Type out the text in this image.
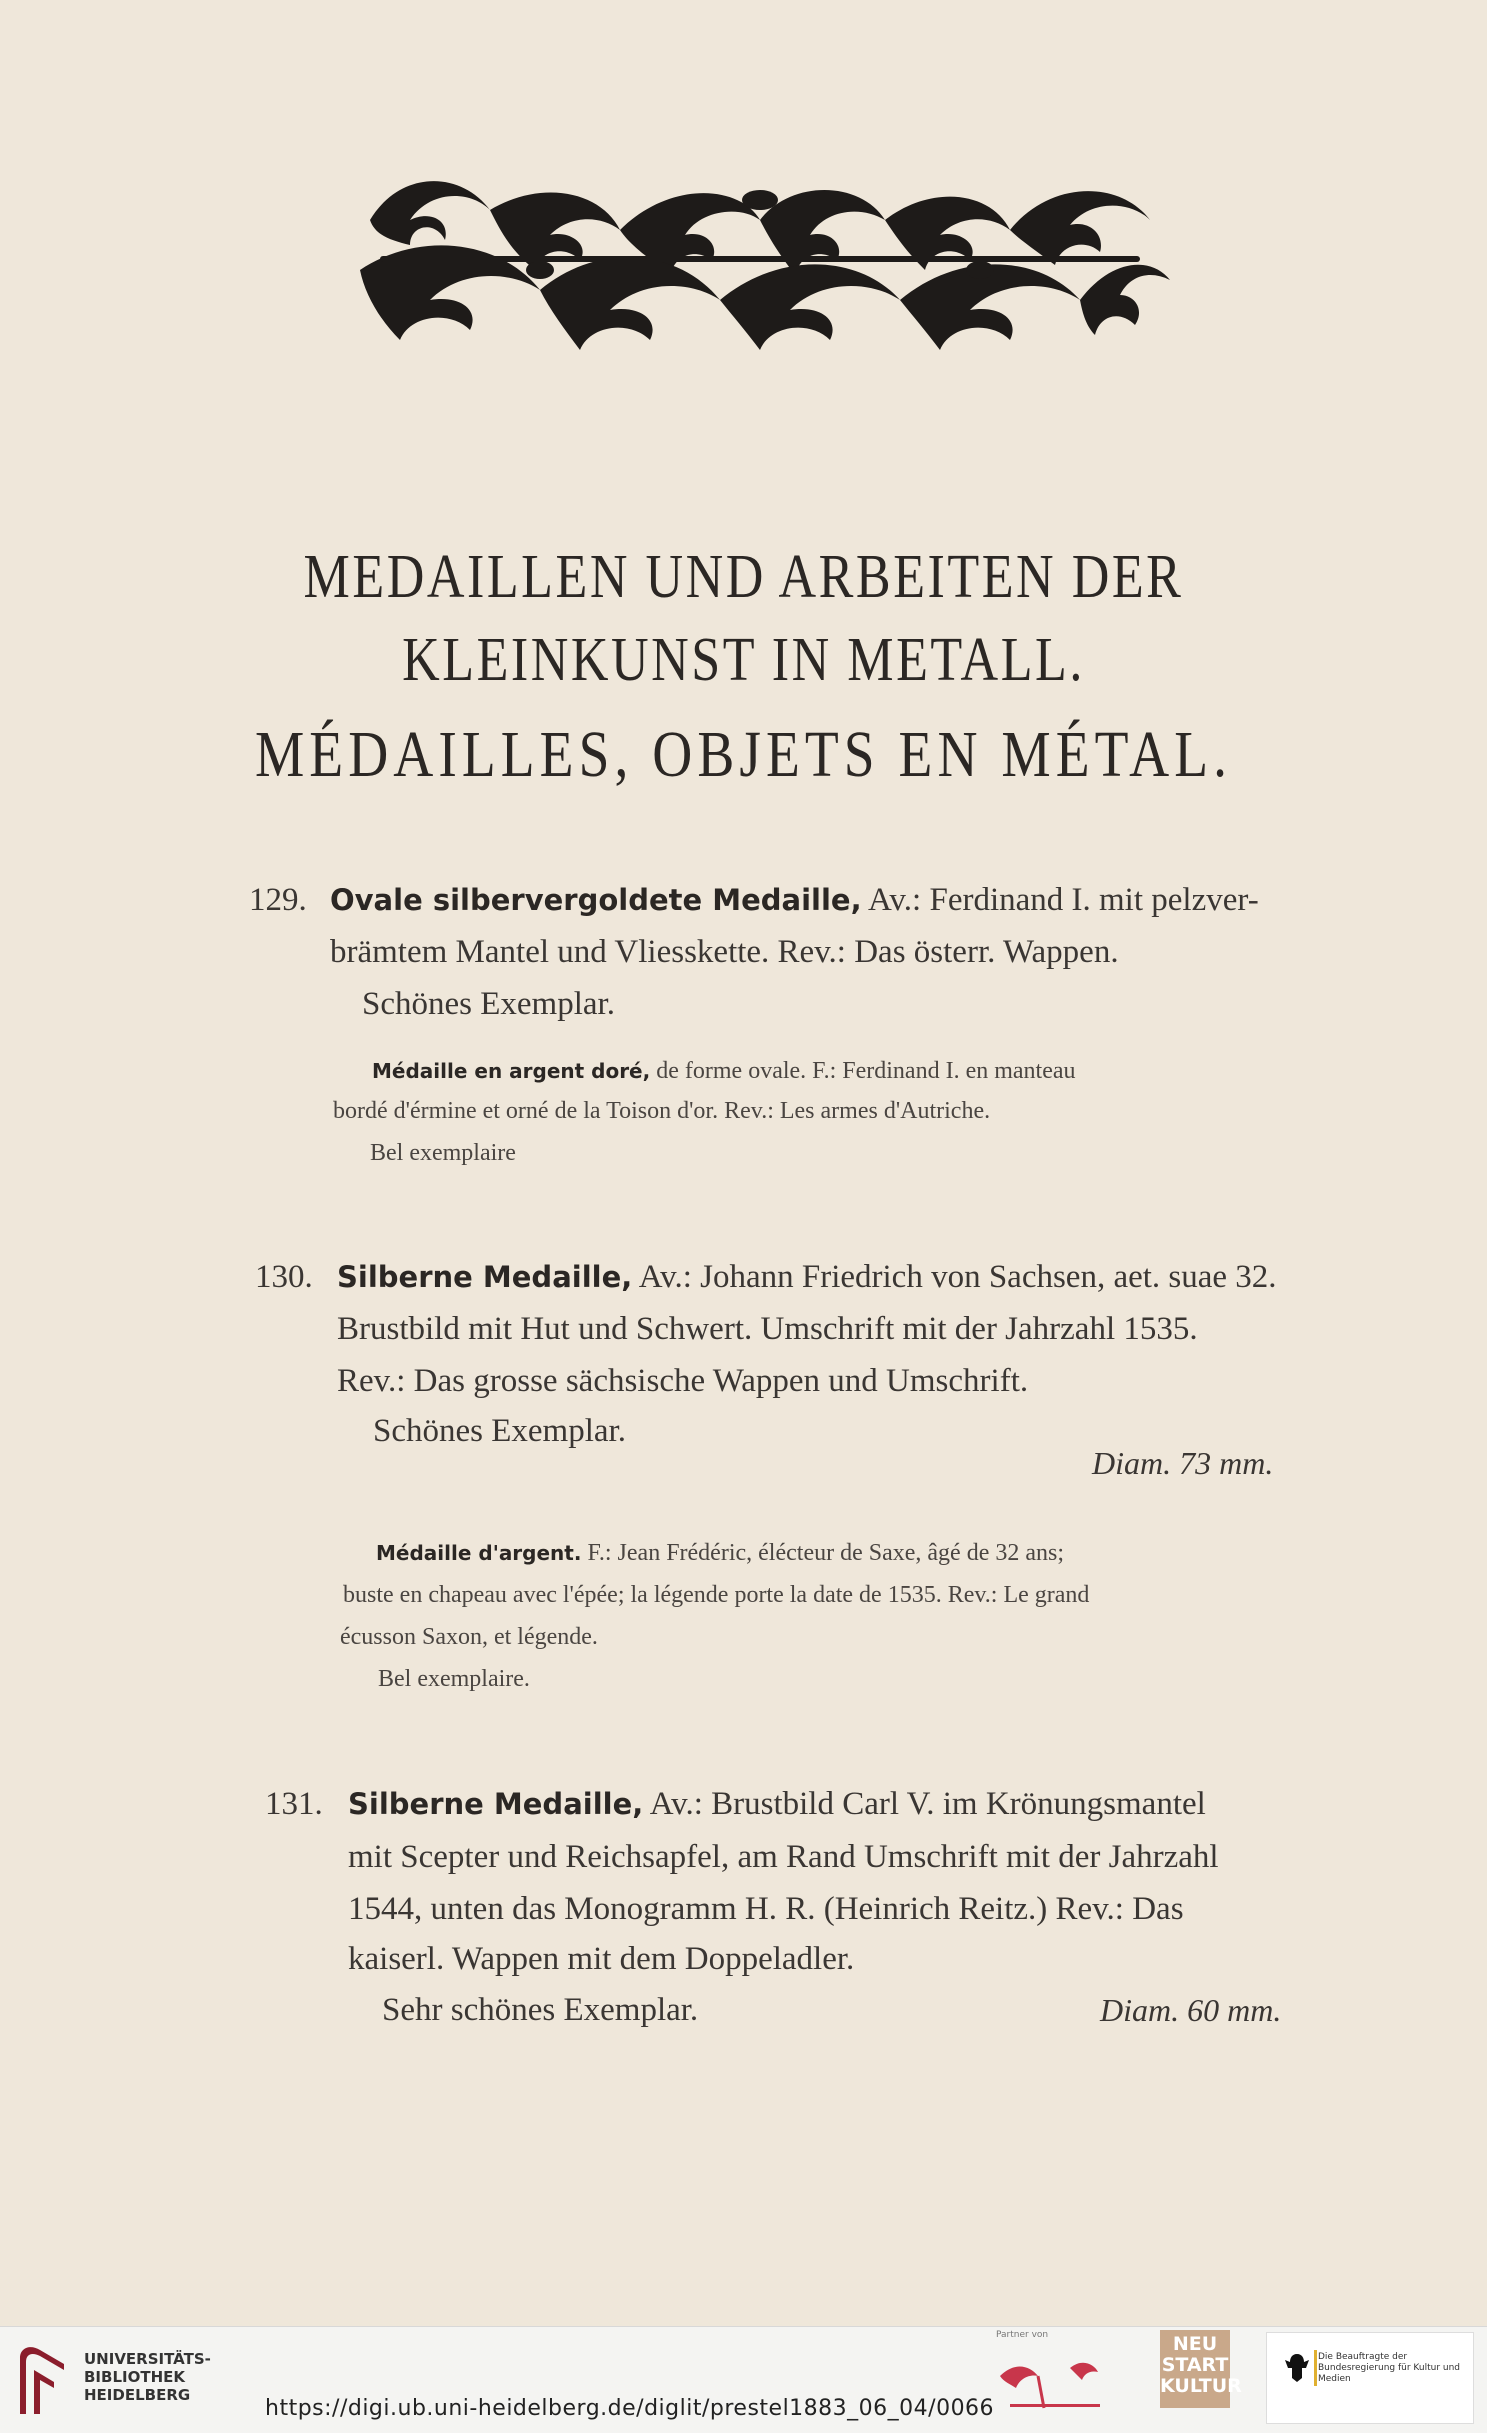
MEDAILLEN UND ARBEITEN DER
KLEINKUNST IN METALL.
MÉDAILLES, OBJETS EN MÉTAL.
129. Ovale silbervergoldete Medaille, Av.: Ferdinand I. mit pelzver-
brämtem Mantel und Vliesskette. Rev.: Das österr. Wappen.
Schönes Exemplar.
Médaille en argent doré, de forme ovale. F.: Ferdinand I. en manteau
bordé d'érmine et orné de la Toison d'or. Rev.: Les armes d'Autriche.
Bel exemplaire
130. Silberne Medaille, Av.: Johann Friedrich von Sachsen, aet. suae 32.
Brustbild mit Hut und Schwert. Umschrift mit der Jahrzahl 1535.
Rev.: Das grosse sächsische Wappen und Umschrift.
Schönes Exemplar.
Diam. 73 mm.
Médaille d'argent. F.: Jean Frédéric, élécteur de Saxe, âgé de 32 ans;
buste en chapeau avec l'épée; la légende porte la date de 1535. Rev.: Le grand
écusson Saxon, et légende.
Bel exemplaire.
131. Silberne Medaille, Av.: Brustbild Carl V. im Krönungsmantel
mit Scepter und Reichsapfel, am Rand Umschrift mit der Jahrzahl
1544, unten das Monogramm H. R. (Heinrich Reitz.) Rev.: Das
kaiserl. Wappen mit dem Doppeladler.
Sehr schönes Exemplar.	Diam. 60 mm.
UNIVERSITÄTS-
BIBLIOTHEK
HEIDELBERG
https://digi.ub.uni-heidelberg.de/diglit/prestel1883_06_04/0066
Partner von	NEU
START
KULTUR
Die Beauftragte der Bundesregierung für Kultur und Medien
